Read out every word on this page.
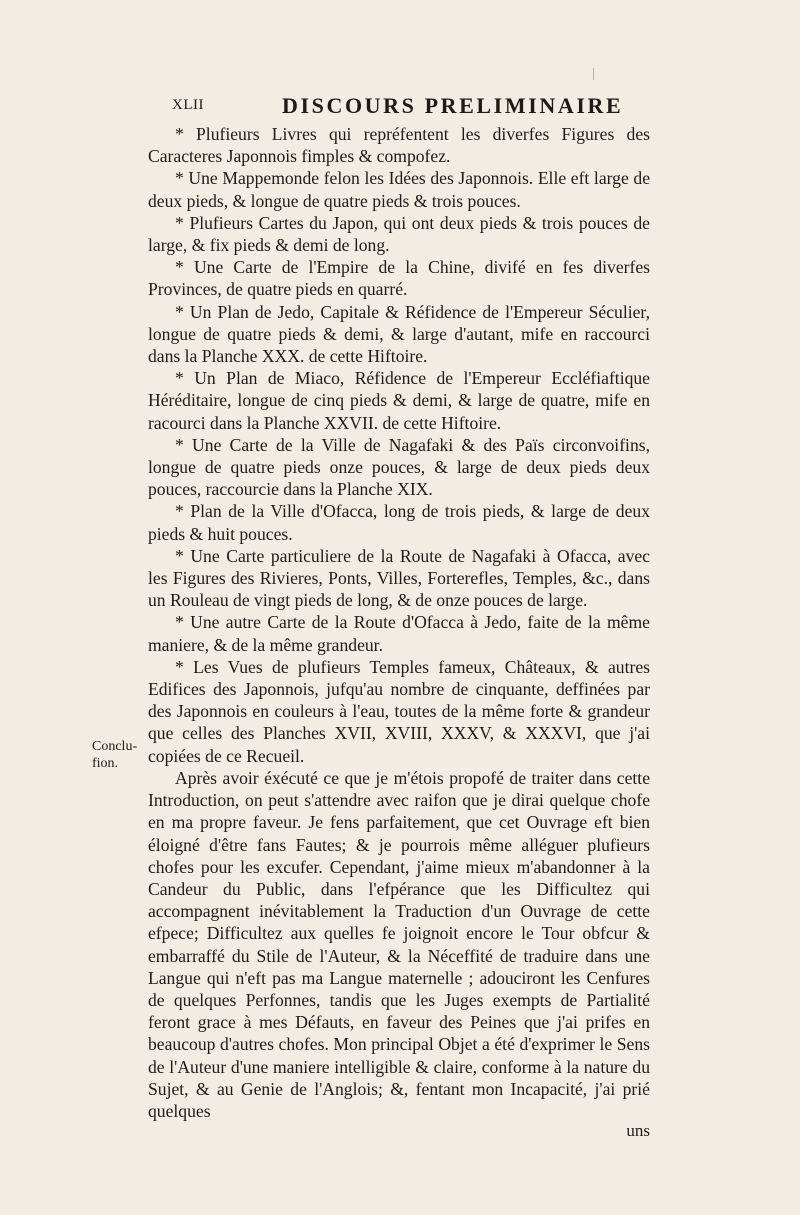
XLII	DISCOURS PRELIMINAIRE
Conclu-fion.

* Plufieurs Livres qui repréfentent les diverfes Figures des Caracteres Japonnois fimples & compofez.

* Une Mappemonde felon les Idées des Japonnois. Elle eft large de deux pieds, & longue de quatre pieds & trois pouces.

* Plufieurs Cartes du Japon, qui ont deux pieds & trois pouces de large, & fix pieds & demi de long.

* Une Carte de l'Empire de la Chine, divifé en fes diverfes Provinces, de quatre pieds en quarré.

* Un Plan de Jedo, Capitale & Réfidence de l'Empereur Séculier, longue de quatre pieds & demi, & large d'autant, mife en raccourci dans la Planche XXX. de cette Hiftoire.

* Un Plan de Miaco, Réfidence de l'Empereur Eccléfiaftique Héréditaire, longue de cinq pieds & demi, & large de quatre, mife en racourci dans la Planche XXVII. de cette Hiftoire.

* Une Carte de la Ville de Nagafaki & des Païs circonvoifins, longue de quatre pieds onze pouces, & large de deux pieds deux pouces, raccourcie dans la Planche XIX.

* Plan de la Ville d'Ofacca, long de trois pieds, & large de deux pieds & huit pouces.

* Une Carte particuliere de la Route de Nagafaki à Ofacca, avec les Figures des Rivieres, Ponts, Villes, Forterefles, Temples, &c., dans un Rouleau de vingt pieds de long, & de onze pouces de large.

* Une autre Carte de la Route d'Ofacca à Jedo, faite de la même maniere, & de la même grandeur.

* Les Vues de plufieurs Temples fameux, Châteaux, & autres Edifices des Japonnois, jufqu'au nombre de cinquante, deffinées par des Japonnois en couleurs à l'eau, toutes de la même forte & grandeur que celles des Planches XVII, XVIII, XXXV, & XXXVI, que j'ai copiées de ce Recueil.

Après avoir éxécuté ce que je m'étois propofé de traiter dans cette Introduction, on peut s'attendre avec raifon que je dirai quelque chofe en ma propre faveur. Je fens parfaitement, que cet Ouvrage eft bien éloigné d'être fans Fautes; & je pourrois même alléguer plufieurs chofes pour les excufer. Cependant, j'aime mieux m'abandonner à la Candeur du Public, dans l'efpérance que les Difficultez qui accompagnent inévitablement la Traduction d'un Ouvrage de cette efpece; Difficultez aux quelles fe joignoit encore le Tour obfcur & embarraffé du Stile de l'Auteur, & la Néceffité de traduire dans une Langue qui n'eft pas ma Langue maternelle ; adouciront les Cenfures de quelques Perfonnes, tandis que les Juges exempts de Partialité feront grace à mes Défauts, en faveur des Peines que j'ai prifes en beaucoup d'autres chofes. Mon principal Objet a été d'exprimer le Sens de l'Auteur d'une maniere intelligible & claire, conforme à la nature du Sujet, & au Genie de l'Anglois; &, fentant mon Incapacité, j'ai prié quelques

uns
